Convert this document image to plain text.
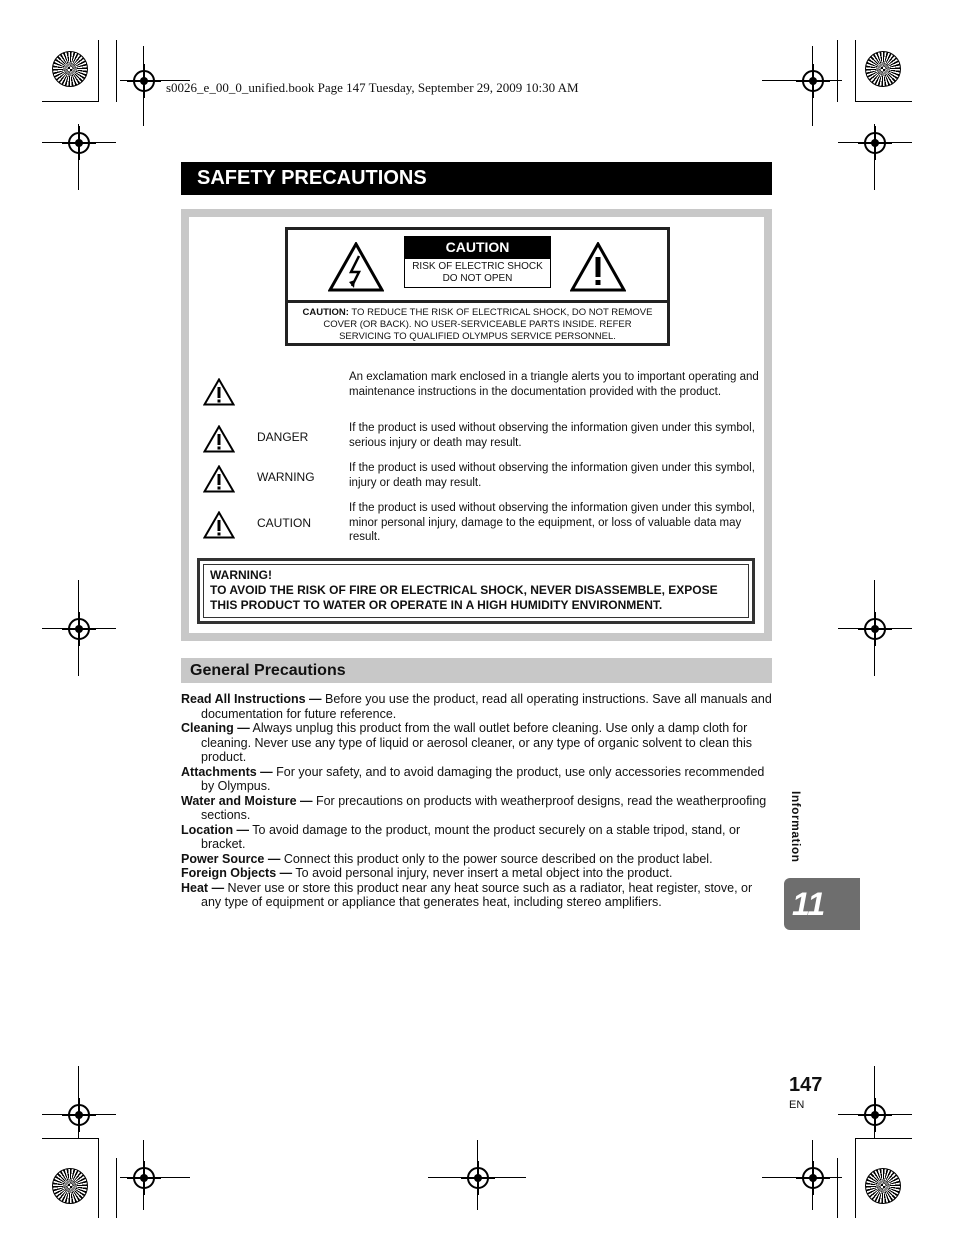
s0026_e_00_0_unified.book Page 147 Tuesday, September 29, 2009 10:30 AM
SAFETY PRECAUTIONS
CAUTION
RISK OF ELECTRIC SHOCK
DO NOT OPEN
CAUTION: TO REDUCE THE RISK OF ELECTRICAL SHOCK, DO NOT REMOVE COVER (OR BACK). NO USER-SERVICEABLE PARTS INSIDE. REFER SERVICING TO QUALIFIED OLYMPUS SERVICE PERSONNEL.
An exclamation mark enclosed in a triangle alerts you to important operating and maintenance instructions in the documentation provided with the product.
DANGER
If the product is used without observing the information given under this symbol, serious injury or death may result.
WARNING
If the product is used without observing the information given under this symbol, injury or death may result.
CAUTION
If the product is used without observing the information given under this symbol, minor personal injury, damage to the equipment, or loss of valuable data may result.
WARNING!
TO AVOID THE RISK OF FIRE OR ELECTRICAL SHOCK, NEVER DISASSEMBLE, EXPOSE THIS PRODUCT TO WATER OR OPERATE IN A HIGH HUMIDITY ENVIRONMENT.
General Precautions

Read All Instructions — Before you use the product, read all operating instructions. Save all manuals and documentation for future reference.

Cleaning — Always unplug this product from the wall outlet before cleaning. Use only a damp cloth for cleaning. Never use any type of liquid or aerosol cleaner, or any type of organic solvent to clean this product.

Attachments — For your safety, and to avoid damaging the product, use only accessories recommended by Olympus.

Water and Moisture — For precautions on products with weatherproof designs, read the weatherproofing sections.

Location — To avoid damage to the product, mount the product securely on a stable tripod, stand, or bracket.

Power Source — Connect this product only to the power source described on the product label.

Foreign Objects — To avoid personal injury, never insert a metal object into the product.

Heat — Never use or store this product near any heat source such as a radiator, heat register, stove, or any type of equipment or appliance that generates heat, including stereo amplifiers.

Information
11
147
EN
